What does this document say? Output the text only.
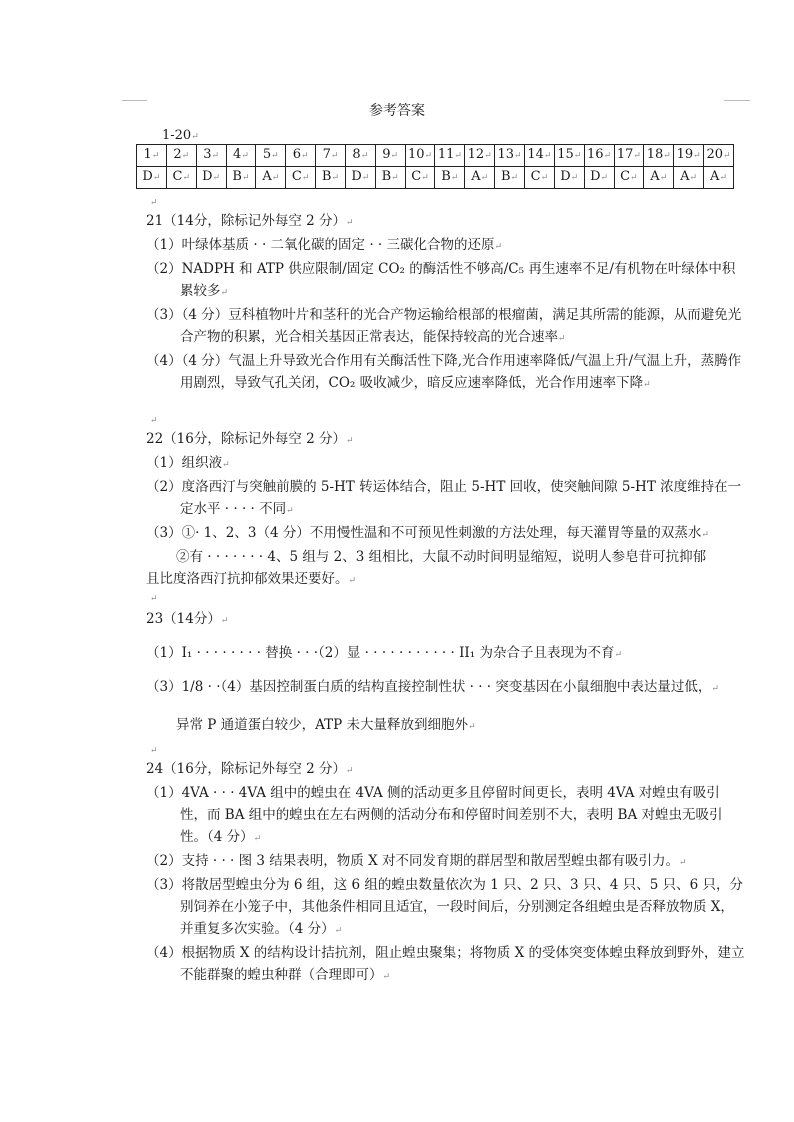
参考答案
1-20↵
1↵	2↵	3↵	4↵	5↵	6↵	7↵	8↵	9↵	10↵	11↵	12↵	13↵	14↵	15↵	16↵	17↵	18↵	19↵	20↵
D↵	C↵	D↵	B↵	A↵	C↵	B↵	D↵	B↵	C↵	B↵	A↵	B↵	C↵	D↵	D↵	C↵	A↵	A↵	A↵
↵

21（14分，除标记外每空 2 分）↵

（1）叶绿体基质 · · 二氧化碳的固定 · · 三碳化合物的还原↵

（2）NADPH 和 ATP 供应限制/固定 CO₂ 的酶活性不够高/C₅ 再生速率不足/有机物在叶绿体中积累较多↵

（3）（4 分）豆科植物叶片和茎秆的光合产物运输给根部的根瘤菌，满足其所需的能源，从而避免光合产物的积累，光合相关基因正常表达，能保持较高的光合速率↵

（4）（4 分）气温上升导致光合作用有关酶活性下降,光合作用速率降低/气温上升/气温上升，蒸腾作用剧烈，导致气孔关闭，CO₂ 吸收减少，暗反应速率降低，光合作用速率下降↵

↵

22（16分，除标记外每空 2 分）↵

（1）组织液↵

（2）度洛西汀与突触前膜的 5-HT 转运体结合，阻止 5-HT 回收，使突触间隙 5-HT 浓度维持在一定水平 · · · · 不同↵

（3）①· 1、2、3（4 分）不用慢性温和不可预见性刺激的方法处理，每天灌胃等量的双蒸水↵

②有 · · · · · · · 4、5 组与 2、3 组相比，大鼠不动时间明显缩短，说明人参皂苷可抗抑郁

且比度洛西汀抗抑郁效果还要好。↵

↵

23（14分）↵

（1）I₁ · · · · · · · · 替换 · · ·（2）显 · · · · · · · · · · · II₁ 为杂合子且表现为不育↵

（3）1/8 · ·（4）基因控制蛋白质的结构直接控制性状 · · · 突变基因在小鼠细胞中表达量过低，↵

异常 P 通道蛋白较少，ATP 未大量释放到细胞外↵

↵

24（16分，除标记外每空 2 分）↵

（1）4VA · · · 4VA 组中的蝗虫在 4VA 侧的活动更多且停留时间更长，表明 4VA 对蝗虫有吸引性，而 BA 组中的蝗虫在左右两侧的活动分布和停留时间差别不大，表明 BA 对蝗虫无吸引性。（4 分）↵

（2）支持 · · · 图 3 结果表明，物质 X 对不同发育期的群居型和散居型蝗虫都有吸引力。↵

（3）将散居型蝗虫分为 6 组，这 6 组的蝗虫数量依次为 1 只、2 只、3 只、4 只、5 只、6 只，分别饲养在小笼子中，其他条件相同且适宜，一段时间后，分别测定各组蝗虫是否释放物质 X，并重复多次实验。（4 分）↵

（4）根据物质 X 的结构设计拮抗剂，阻止蝗虫聚集；将物质 X 的受体突变体蝗虫释放到野外，建立不能群聚的蝗虫种群（合理即可）↵
